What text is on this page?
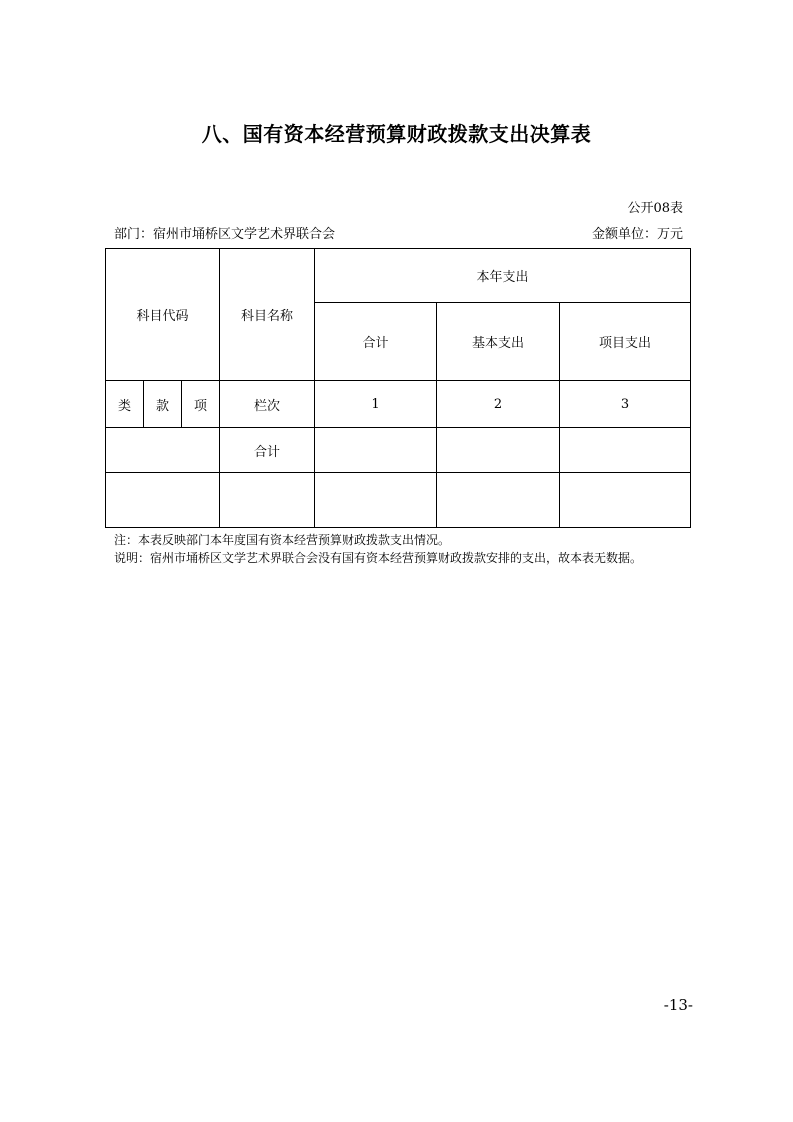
八、国有资本经营预算财政拨款支出决算表
公开08表
部门：宿州市埇桥区文学艺术界联合会	金额单位：万元
科目代码			科目名称	本年支出		
				合计	基本支出	项目支出
类	款	项	栏次	1	2	3
			合计			

注：本表反映部门本年度国有资本经营预算财政拨款支出情况。
说明：宿州市埇桥区文学艺术界联合会没有国有资本经营预算财政拨款安排的支出，故本表无数据。
-13-
